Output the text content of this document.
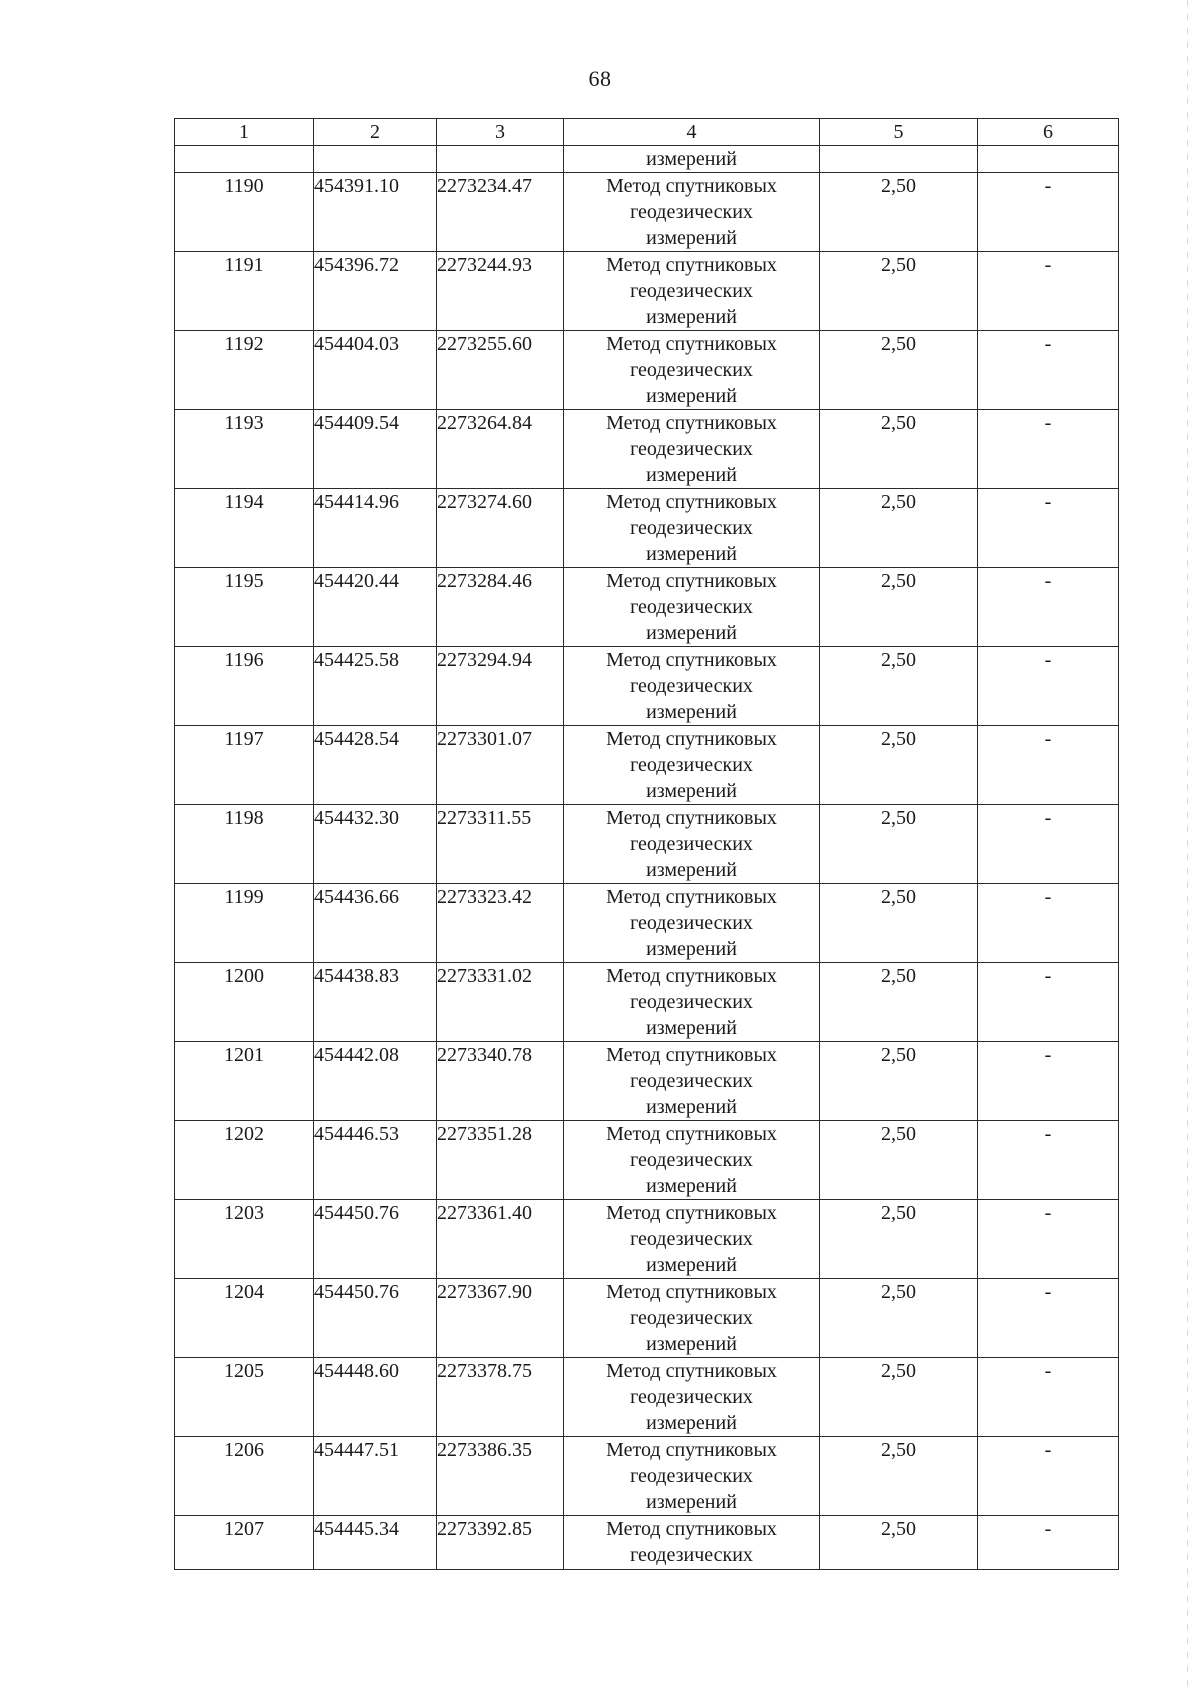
68
1	2	3	4	5	6
			измерений		
1190	454391.10	2273234.47	Метод спутниковых
геодезических
измерений	2,50	-
1191	454396.72	2273244.93	Метод спутниковых
геодезических
измерений	2,50	-
1192	454404.03	2273255.60	Метод спутниковых
геодезических
измерений	2,50	-
1193	454409.54	2273264.84	Метод спутниковых
геодезических
измерений	2,50	-
1194	454414.96	2273274.60	Метод спутниковых
геодезических
измерений	2,50	-
1195	454420.44	2273284.46	Метод спутниковых
геодезических
измерений	2,50	-
1196	454425.58	2273294.94	Метод спутниковых
геодезических
измерений	2,50	-
1197	454428.54	2273301.07	Метод спутниковых
геодезических
измерений	2,50	-
1198	454432.30	2273311.55	Метод спутниковых
геодезических
измерений	2,50	-
1199	454436.66	2273323.42	Метод спутниковых
геодезических
измерений	2,50	-
1200	454438.83	2273331.02	Метод спутниковых
геодезических
измерений	2,50	-
1201	454442.08	2273340.78	Метод спутниковых
геодезических
измерений	2,50	-
1202	454446.53	2273351.28	Метод спутниковых
геодезических
измерений	2,50	-
1203	454450.76	2273361.40	Метод спутниковых
геодезических
измерений	2,50	-
1204	454450.76	2273367.90	Метод спутниковых
геодезических
измерений	2,50	-
1205	454448.60	2273378.75	Метод спутниковых
геодезических
измерений	2,50	-
1206	454447.51	2273386.35	Метод спутниковых
геодезических
измерений	2,50	-
1207	454445.34	2273392.85	Метод спутниковых
геодезических	2,50	-
